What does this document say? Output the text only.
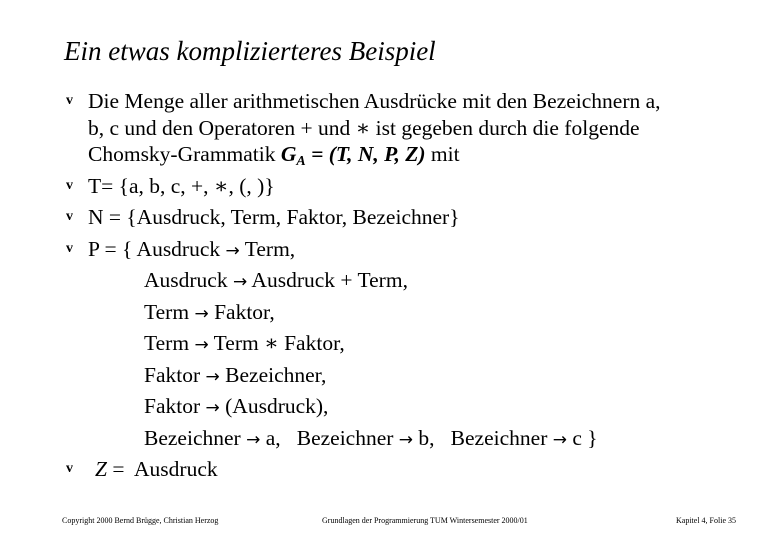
Ein etwas komplizierteres Beispiel
v Die Menge aller arithmetischen Ausdrücke mit den Bezeichnern a,
b, c und den Operatoren + und ∗ ist gegeben durch die folgende
Chomsky-Grammatik $G_A = (T$, N, P, Z) mit
v T= {a, b, c, +, ∗, (, )}
v N = {Ausdruck, Term, Faktor, Bezeichner}
v P = { Ausdruck → Term,
Ausdruck → Ausdruck + Term,
Term → Faktor,
Term → Term ∗ Faktor,
Faktor → Bezeichner,
Faktor → (Ausdruck),
Bezeichner → a,   Bezeichner → b,   Bezeichner → c }
v	Z =  Ausdruck
Copyright 2000 Bernd Brügge, Christian Herzog	Grundlagen der Programmierung TUM Wintersemester 2000/01	Kapitel 4, Folie 35
